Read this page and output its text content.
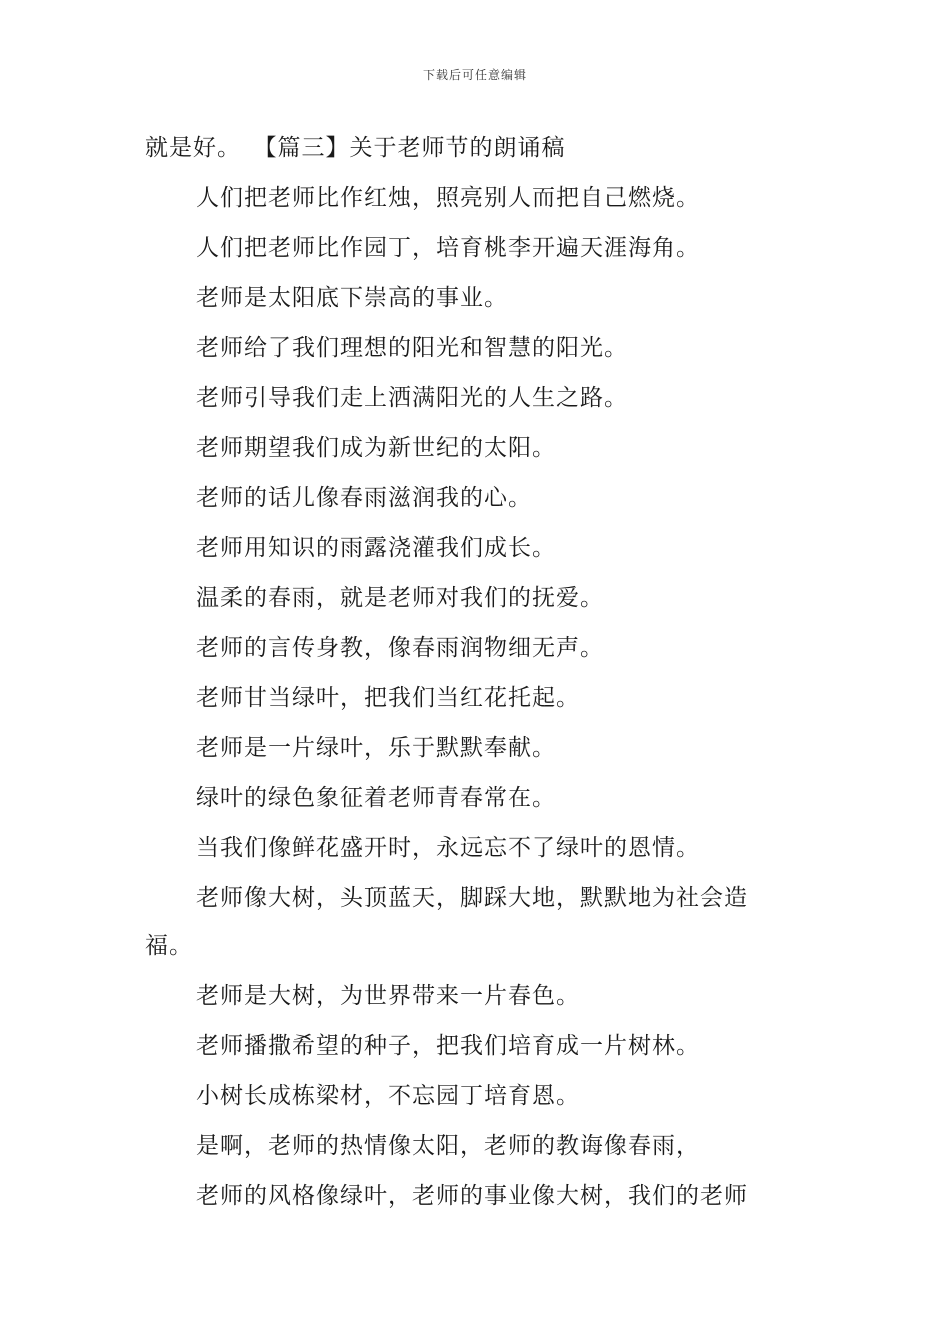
下载后可任意编辑
就是好。 【篇三】关于老师节的朗诵稿
人们把老师比作红烛，照亮别人而把自己燃烧。
人们把老师比作园丁，培育桃李开遍天涯海角。
老师是太阳底下崇高的事业。
老师给了我们理想的阳光和智慧的阳光。
老师引导我们走上洒满阳光的人生之路。
老师期望我们成为新世纪的太阳。
老师的话儿像春雨滋润我的心。
老师用知识的雨露浇灌我们成长。
温柔的春雨，就是老师对我们的抚爱。
老师的言传身教，像春雨润物细无声。
老师甘当绿叶，把我们当红花托起。
老师是一片绿叶，乐于默默奉献。
绿叶的绿色象征着老师青春常在。
当我们像鲜花盛开时，永远忘不了绿叶的恩情。
老师像大树，头顶蓝天，脚踩大地，默默地为社会造
福。
老师是大树，为世界带来一片春色。
老师播撒希望的种子，把我们培育成一片树林。
小树长成栋梁材，不忘园丁培育恩。
是啊，老师的热情像太阳，老师的教诲像春雨，
老师的风格像绿叶，老师的事业像大树，我们的老师
